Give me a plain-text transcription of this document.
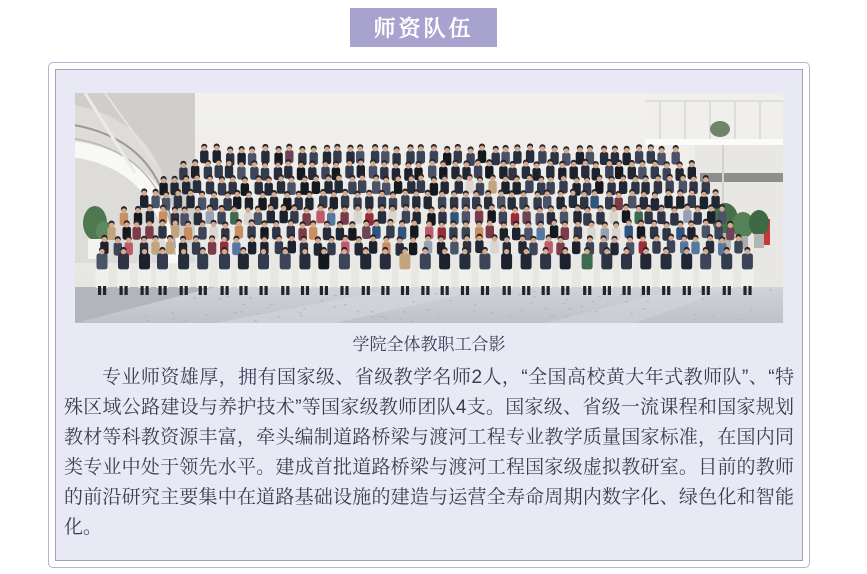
师资队伍
学院全体教职工合影

专业师资雄厚，拥有国家级、省级教学名师2人，“全国高校黄大年式教师队”、“特殊区域公路建设与养护技术”等国家级教师团队4支。国家级、省级一流课程和国家规划教材等科教资源丰富，牵头编制道路桥梁与渡河工程专业教学质量国家标准，在国内同类专业中处于领先水平。建成首批道路桥梁与渡河工程国家级虚拟教研室。目前的教师的前沿研究主要集中在道路基础设施的建造与运营全寿命周期内数字化、绿色化和智能化。
